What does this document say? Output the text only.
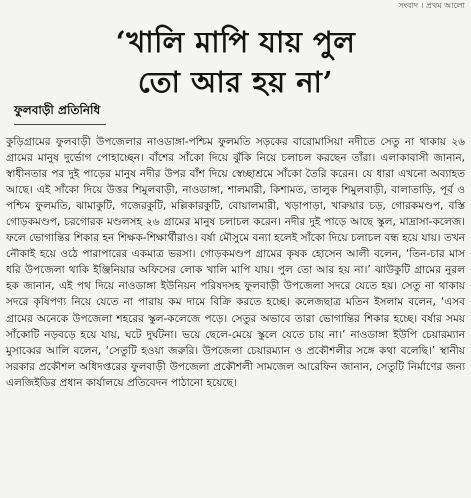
সংবাদ । প্রথম আলো
‘খালি মাপি যায় পুল
তো আর হয় না’
ফুলবাড়ী প্রতিনিধি
কুড়িগ্রামের ফুলবাড়ী উপজেলার নাওডাঙ্গা-পশ্চিম ফুলমতি সড়কের বারোমাসিয়া নদীতে সেতু না থাকায় ২৬ গ্রামের মানুষ দুর্ভোগ পোহাচ্ছেন। বাঁশের সাঁকো দিয়ে ঝুঁকি নিয়ে চলাচল করছেন তাঁরা। এলাকাবাসী জানান, স্বাধীনতার পর দুই পাড়ের মানুষ নদীর উপর বাঁশ দিয়ে স্বেচ্ছাশ্রমে সাঁকো তৈরি করেন। যে ধারা এখনো অব্যাহত আছে। এই সাঁকো দিয়ে উত্তর শিমুলবাড়ী, নাওডাঙ্গা, শালমারী, কিশামত, তালুক শিমুলবাড়ী, বালাতাড়ি, পূর্ব ও পশ্চিম ফুলমতি, ঝামাকুটি, গজেরকুটি, মল্লিকারকুটি, বোয়ালমারী, খড়াপাড়া, খারুয়ার চড়, গোরকমণ্ডপ, বস্তি গোড়কমণ্ডপ, চরগোরক মণ্ডলসহ ২৬ গ্রামের মানুষ চলাচল করেন। নদীর দুই পাড়ে আছে স্কুল, মাদ্রাসা-কলেজ। ফলে ভোগান্তির শিকার হন শিক্ষক-শিক্ষার্থীরাও। বর্ষা মৌসুমে বন্যা হলেই সাঁকো দিয়ে চলাচল বন্ধ হয়ে যায়। তখন নৌকাই হয়ে ওঠে পারাপারের একমাত্র ভরসা। গোড়কমণ্ডপ গ্রামের কৃষক হোসেন আলী বলেন, ‘তিন-চার মাস ধরি উপজেলা থাকি ইঞ্জিনিয়ার অফিসের লোক খালি মাপি যায়। পুল তো আর হয় না।’ ঝাউকুটি গ্রামের নুরল হক জানান, এই পথ দিয়ে নাওডাঙ্গা ইউনিয়ন পরিষদসহ ফুলবাড়ী উপজেলা সদরে যেতে হয়। সেতু না থাকায় সদরে কৃষিপণ্য নিয়ে যেতে না পারায় কম দামে বিক্রি করতে হচ্ছে। কলেজছাত্র মতিন ইসলাম বলেন, ‘এসব গ্রামের অনেকে উপজেলা শহরের স্কুল-কলেজে পড়ে। সেতুর অভাবে তারা ভোগান্তির শিকার হচ্ছে। বর্ষার সময় সাঁকোটি নড়বড়ে হয়ে যায়, ঘটে দুর্ঘটনা। ভয়ে ছেলে-মেয়ে স্কুলে যেতে চায় না।’ নাওডাঙ্গা ইউপি চেয়ারম্যান মুসাব্বের আলি বলেন, ‘সেতুটি হওয়া জরুরি। উপজেলা চেয়ারম্যান ও প্রকৌশলীর সঙ্গে কথা বলেছি।’ স্থানীয় সরকার প্রকৌশল অধিদপ্তরের ফুলবাড়ী উপজেলা প্রকৌশলী সামজেল আরেফিন জানান, সেতুটি নির্মাণের জন্য এলজিইডির প্রধান কার্যালয়ে প্রতিবেদন পাঠানো হয়েছে।
